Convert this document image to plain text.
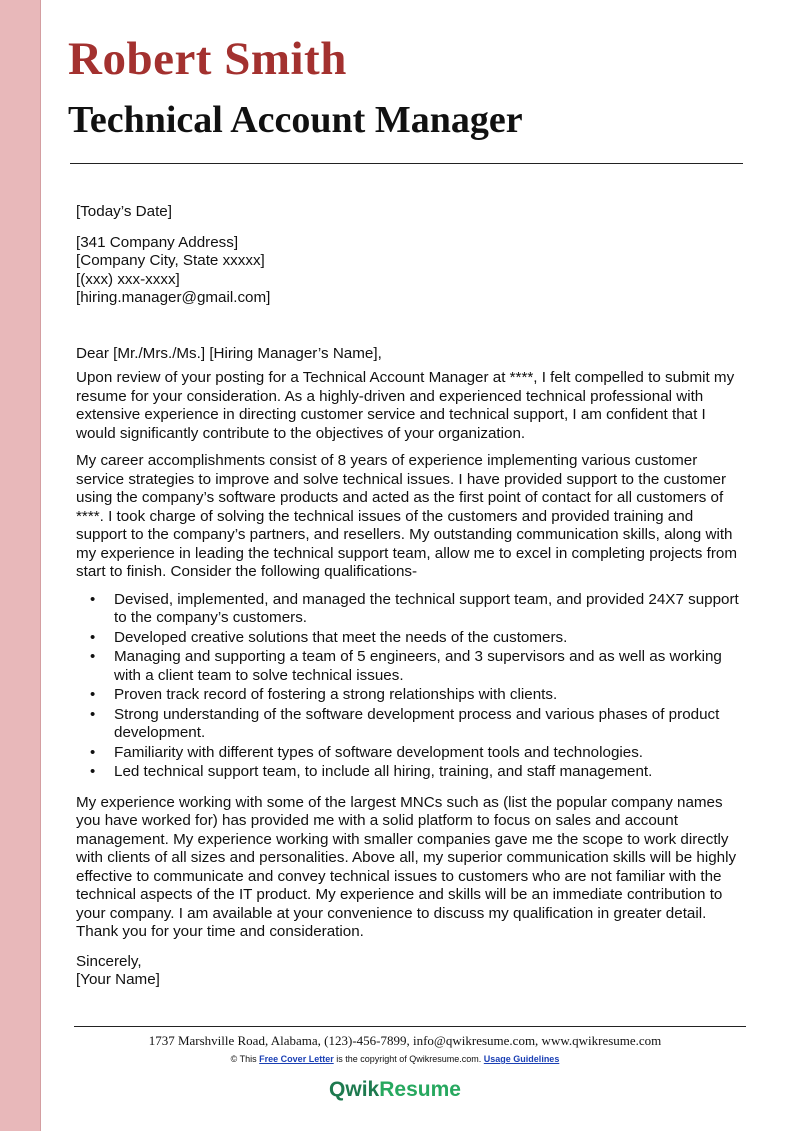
Robert Smith
Technical Account Manager

[Today’s Date]

[341 Company Address]

[Company City, State xxxxx]

[(xxx) xxx-xxxx]

[hiring.manager@gmail.com]

Dear [Mr./Mrs./Ms.] [Hiring Manager’s Name],

Upon review of your posting for a Technical Account Manager at ****, I felt compelled to submit my resume for your consideration. As a highly-driven and experienced technical professional with extensive experience in directing customer service and technical support, I am confident that I would significantly contribute to the objectives of your organization.

My career accomplishments consist of 8 years of experience implementing various customer service strategies to improve and solve technical issues. I have provided support to the customer using the company’s software products and acted as the first point of contact for all customers of ****. I took charge of solving the technical issues of the customers and provided training and support to the company’s partners, and resellers. My outstanding communication skills, along with my experience in leading the technical support team, allow me to excel in completing projects from start to finish. Consider the following qualifications-

• Devised, implemented, and managed the technical support team, and provided 24X7 support to the company’s customers.
• Developed creative solutions that meet the needs of the customers.
• Managing and supporting a team of 5 engineers, and 3 supervisors and as well as working with a client team to solve technical issues.
• Proven track record of fostering a strong relationships with clients.
• Strong understanding of the software development process and various phases of product development.
• Familiarity with different types of software development tools and technologies.
• Led technical support team, to include all hiring, training, and staff management.

My experience working with some of the largest MNCs such as (list the popular company names you have worked for) has provided me with a solid platform to focus on sales and account management. My experience working with smaller companies gave me the scope to work directly with clients of all sizes and personalities. Above all, my superior communication skills will be highly effective to communicate and convey technical issues to customers who are not familiar with the technical aspects of the IT product. My experience and skills will be an immediate contribution to your company. I am available at your convenience to discuss my qualification in greater detail. Thank you for your time and consideration.

Sincerely,

[Your Name]

1737 Marshville Road, Alabama, (123)-456-7899, info@qwikresume.com, www.qwikresume.com
© This Free Cover Letter is the copyright of Qwikresume.com. Usage Guidelines
QwikResume
